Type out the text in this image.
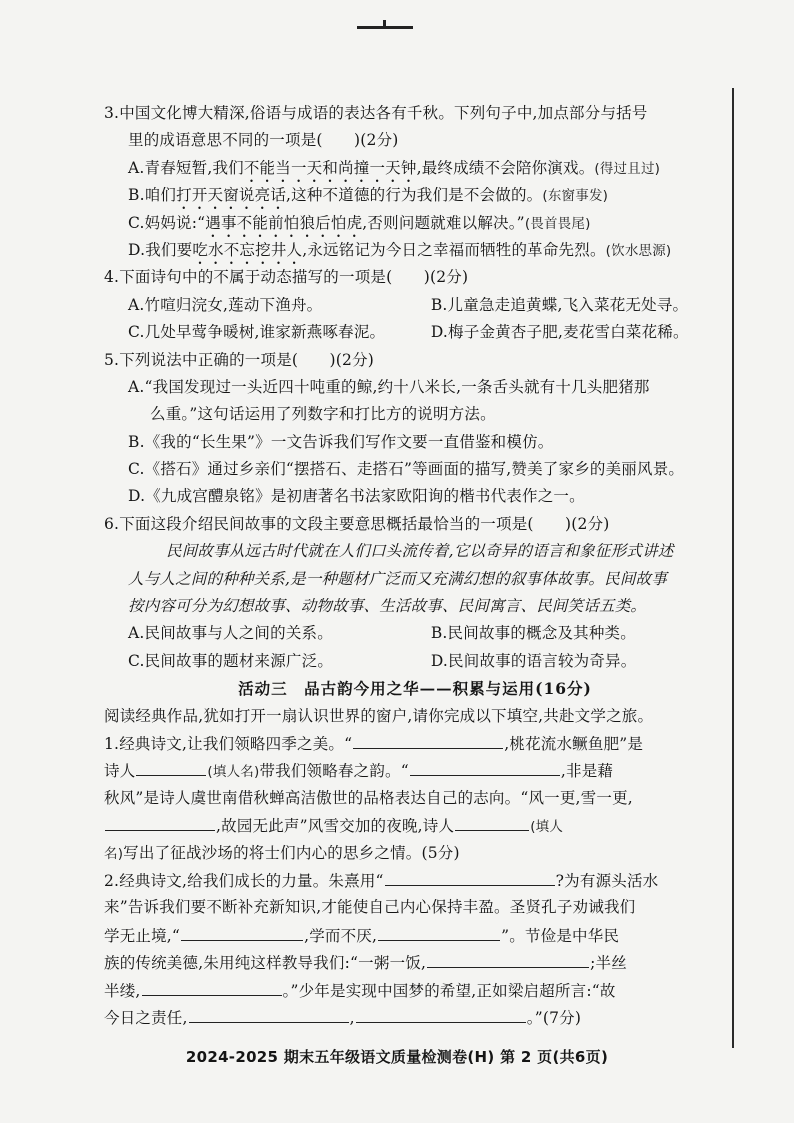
3.中国文化博大精深,俗语与成语的表达各有千秋。下列句子中,加点部分与括号
里的成语意思不同的一项是(　　)(2分)
A.青春短暂,我们不能当一天和尚撞一天钟,最终成绩不会陪你演戏。(得过且过)
B.咱们打开天窗说亮话,这种不道德的行为我们是不会做的。(东窗事发)
C.妈妈说:“遇事不能前怕狼后怕虎,否则问题就难以解决。”(畏首畏尾)
D.我们要吃水不忘挖井人,永远铭记为今日之幸福而牺牲的革命先烈。(饮水思源)
4.下面诗句中的不属于动态描写的一项是(　　)(2分)
A.竹喧归浣女,莲动下渔舟。	B.儿童急走追黄蝶,飞入菜花无处寻。
C.几处早莺争暖树,谁家新燕啄春泥。	D.梅子金黄杏子肥,麦花雪白菜花稀。
5.下列说法中正确的一项是(　　)(2分)
A.“我国发现过一头近四十吨重的鲸,约十八米长,一条舌头就有十几头肥猪那
么重。”这句话运用了列数字和打比方的说明方法。
B.《我的“长生果”》一文告诉我们写作文要一直借鉴和模仿。
C.《搭石》通过乡亲们“摆搭石、走搭石”等画面的描写,赞美了家乡的美丽风景。
D.《九成宫醴泉铭》是初唐著名书法家欧阳询的楷书代表作之一。
6.下面这段介绍民间故事的文段主要意思概括最恰当的一项是(　　)(2分)
民间故事从远古时代就在人们口头流传着,它以奇异的语言和象征形式讲述
人与人之间的种种关系,是一种题材广泛而又充满幻想的叙事体故事。民间故事
按内容可分为幻想故事、动物故事、生活故事、民间寓言、民间笑话五类。
A.民间故事与人之间的关系。	B.民间故事的概念及其种类。
C.民间故事的题材来源广泛。	D.民间故事的语言较为奇异。
活动三　品古韵今用之华——积累与运用(16分)
阅读经典作品,犹如打开一扇认识世界的窗户,请你完成以下填空,共赴文学之旅。
1.经典诗文,让我们领略四季之美。“	,桃花流水鳜鱼肥”是
诗人	(填人名)带我们领略春之韵。“	,非是藉
秋风”是诗人虞世南借秋蝉高洁傲世的品格表达自己的志向。“风一更,雪一更,
,故园无此声”风雪交加的夜晚,诗人	(填人
名)写出了征战沙场的将士们内心的思乡之情。(5分)
2.经典诗文,给我们成长的力量。朱熹用“	?为有源头活水
来”告诉我们要不断补充新知识,才能使自己内心保持丰盈。圣贤孔子劝诫我们
学无止境,“	,学而不厌,	”。节俭是中华民
族的传统美德,朱用纯这样教导我们:“一粥一饭,	;半丝
半缕,	。”少年是实现中国梦的希望,正如梁启超所言:“故
今日之责任,	,	。”(7分)
2024-2025 期末五年级语文质量检测卷(H) 第 2 页(共6页)
